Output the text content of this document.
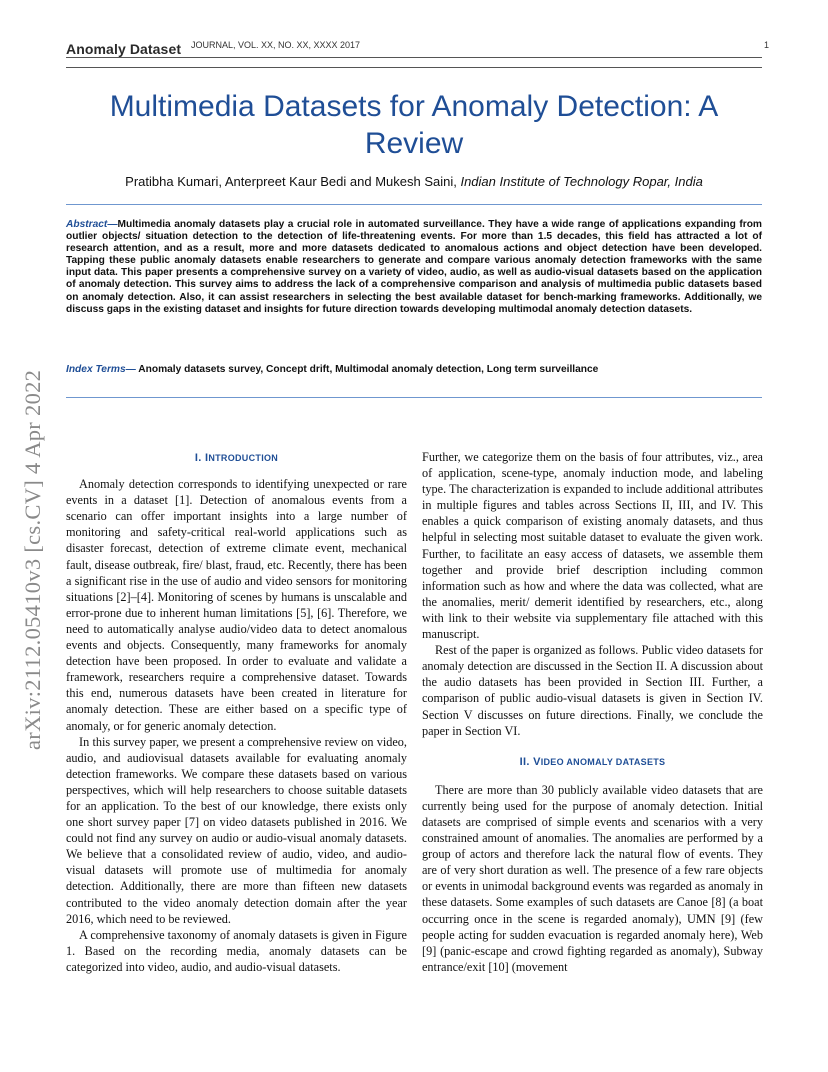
Anomaly Dataset JOURNAL, VOL. XX, NO. XX, XXXX 2017	1
Multimedia Datasets for Anomaly Detection: A Review
Pratibha Kumari, Anterpreet Kaur Bedi and Mukesh Saini, Indian Institute of Technology Ropar, India
Abstract—Multimedia anomaly datasets play a crucial role in automated surveillance. They have a wide range of applications expanding from outlier objects/ situation detection to the detection of life-threatening events. For more than 1.5 decades, this field has attracted a lot of research attention, and as a result, more and more datasets dedicated to anomalous actions and object detection have been developed. Tapping these public anomaly datasets enable researchers to generate and compare various anomaly detection frameworks with the same input data. This paper presents a comprehensive survey on a variety of video, audio, as well as audio-visual datasets based on the application of anomaly detection. This survey aims to address the lack of a comprehensive comparison and analysis of multimedia public datasets based on anomaly detection. Also, it can assist researchers in selecting the best available dataset for bench-marking frameworks. Additionally, we discuss gaps in the existing dataset and insights for future direction towards developing multimodal anomaly detection datasets.
Index Terms— Anomaly datasets survey, Concept drift, Multimodal anomaly detection, Long term surveillance
arXiv:2112.05410v3 [cs.CV] 4 Apr 2022	I. INTRODUCTION

Anomaly detection corresponds to identifying unexpected or rare events in a dataset [1]. Detection of anomalous events from a scenario can offer important insights into a large number of monitoring and safety-critical real-world applications such as disaster forecast, detection of extreme climate event, mechanical fault, disease outbreak, fire/ blast, fraud, etc. Recently, there has been a significant rise in the use of audio and video sensors for monitoring situations [2]–[4]. Monitoring of scenes by humans is unscalable and error-prone due to inherent human limitations [5], [6]. Therefore, we need to automatically analyse audio/video data to detect anomalous events and objects. Consequently, many frameworks for anomaly detection have been proposed. In order to evaluate and validate a framework, researchers require a comprehensive dataset. Towards this end, numerous datasets have been created in literature for anomaly detection. These are either based on a specific type of anomaly, or for generic anomaly detection.

In this survey paper, we present a comprehensive review on video, audio, and audiovisual datasets available for evaluating anomaly detection frameworks. We compare these datasets based on various perspectives, which will help researchers to choose suitable datasets for an application. To the best of our knowledge, there exists only one short survey paper [7] on video datasets published in 2016. We could not find any survey on audio or audio-visual anomaly datasets. We believe that a consolidated review of audio, video, and audio-visual datasets will promote use of multimedia for anomaly detection. Additionally, there are more than fifteen new datasets contributed to the video anomaly detection domain after the year 2016, which need to be reviewed.

A comprehensive taxonomy of anomaly datasets is given in Figure 1. Based on the recording media, anomaly datasets can be categorized into video, audio, and audio-visual datasets.

Further, we categorize them on the basis of four attributes, viz., area of application, scene-type, anomaly induction mode, and labeling type. The characterization is expanded to include additional attributes in multiple figures and tables across Sections II, III, and IV. This enables a quick comparison of existing anomaly datasets, and thus helpful in selecting most suitable dataset to evaluate the given work. Further, to facilitate an easy access of datasets, we assemble them together and provide brief description including common information such as how and where the data was collected, what are the anomalies, merit/ demerit identified by researchers, etc., along with link to their website via supplementary file attached with this manuscript.

Rest of the paper is organized as follows. Public video datasets for anomaly detection are discussed in the Section II. A discussion about the audio datasets has been provided in Section III. Further, a comparison of public audio-visual datasets is given in Section IV. Section V discusses on future directions. Finally, we conclude the paper in Section VI.

II. VIDEO ANOMALY DATASETS

There are more than 30 publicly available video datasets that are currently being used for the purpose of anomaly detection. Initial datasets are comprised of simple events and scenarios with a very constrained amount of anomalies. The anomalies are performed by a group of actors and therefore lack the natural flow of events. They are of very short duration as well. The presence of a few rare objects or events in unimodal background events was regarded as anomaly in these datasets. Some examples of such datasets are Canoe [8] (a boat occurring once in the scene is regarded anomaly), UMN [9] (few people acting for sudden evacuation is regarded anomaly here), Web [9] (panic-escape and crowd fighting regarded as anomaly), Subway entrance/exit [10] (movement
